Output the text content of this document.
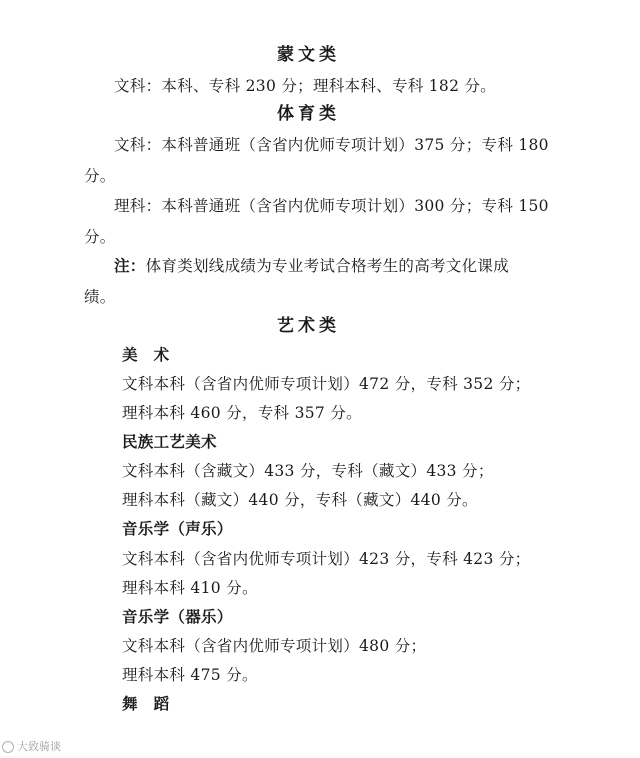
蒙文类
文科：本科、专科 230 分；理科本科、专科 182 分。
体育类
文科：本科普通班（含省内优师专项计划）375 分；专科 180
分。
理科：本科普通班（含省内优师专项计划）300 分；专科 150
分。
注：体育类划线成绩为专业考试合格考生的高考文化课成
绩。
艺术类
美　术
文科本科（含省内优师专项计划）472 分，专科 352 分；
理科本科 460 分，专科 357 分。
民族工艺美术
文科本科（含藏文）433 分，专科（藏文）433 分；
理科本科（藏文）440 分，专科（藏文）440 分。
音乐学（声乐）
文科本科（含省内优师专项计划）423 分，专科 423 分；
理科本科 410 分。
音乐学（器乐）
文科本科（含省内优师专项计划）480 分；
理科本科 475 分。
舞　蹈
大致骑谈
